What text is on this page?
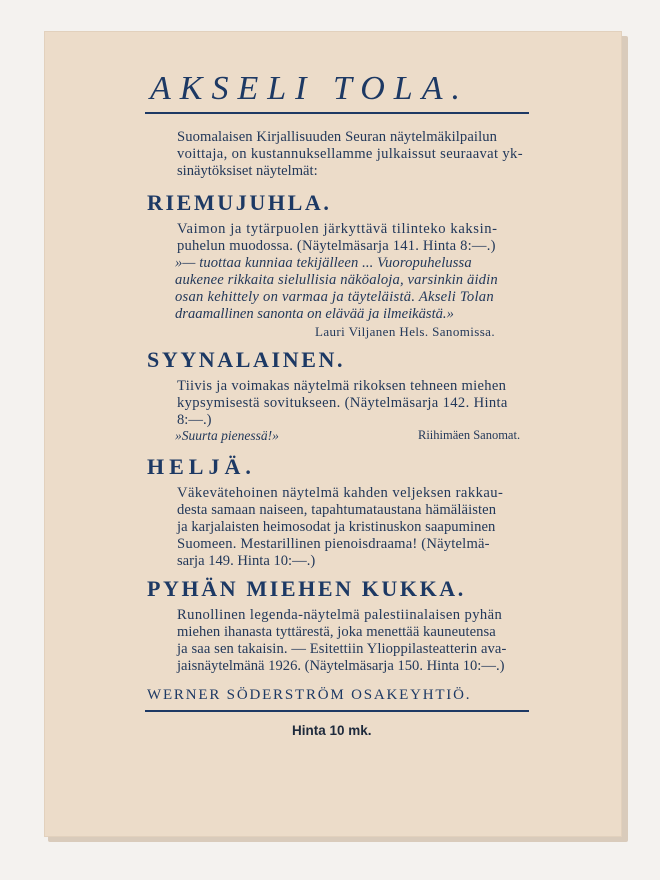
AKSELI TOLA.
Suomalaisen Kirjallisuuden Seuran näytelmäkilpailun
voittaja, on kustannuksellamme julkaissut seuraavat yk-
sinäytöksiset näytelmät:
RIEMUJUHLA.
Vaimon ja tytärpuolen järkyttävä tilinteko kaksin-
puhelun muodossa. (Näytelmäsarja 141. Hinta 8:—.)
»— tuottaa kunniaa tekijälleen ... Vuoropuhelussa
aukenee rikkaita sielullisia näköaloja, varsinkin äidin
osan kehittely on varmaa ja täyteläistä. Akseli Tolan
draamallinen sanonta on elävää ja ilmeikästä.»
Lauri Viljanen Hels. Sanomissa.
SYYNALAINEN.
Tiivis ja voimakas näytelmä rikoksen tehneen miehen
kypsymisestä sovitukseen. (Näytelmäsarja 142. Hinta
8:—.)
»Suurta pienessä!»	Riihimäen Sanomat.
HELJÄ.
Väkevätehoinen näytelmä kahden veljeksen rakkau-
desta samaan naiseen, tapahtumataustana hämäläisten
ja karjalaisten heimosodat ja kristinuskon saapuminen
Suomeen. Mestarillinen pienoisdraama! (Näytelmä-
sarja 149. Hinta 10:—.)
PYHÄN MIEHEN KUKKA.
Runollinen legenda-näytelmä palestiinalaisen pyhän
miehen ihanasta tyttärestä, joka menettää kauneutensa
ja saa sen takaisin. — Esitettiin Ylioppilasteatterin ava-
jaisnäytelmänä 1926. (Näytelmäsarja 150. Hinta 10:—.)
WERNER SÖDERSTRÖM OSAKEYHTIÖ.
Hinta 10 mk.
